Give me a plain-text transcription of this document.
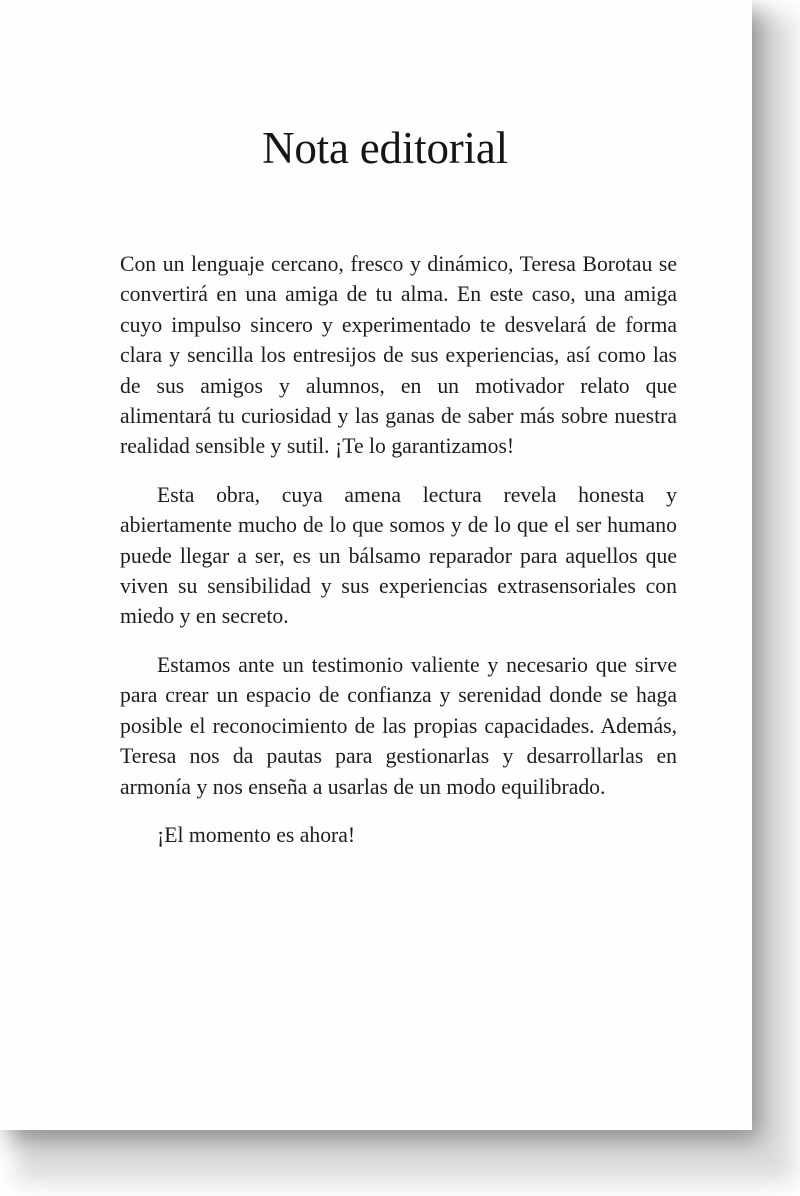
Nota editorial

Con un lenguaje cercano, fresco y dinámico, Teresa Borotau se convertirá en una amiga de tu alma. En este caso, una amiga cuyo impulso sincero y experimentado te desvelará de forma clara y sencilla los entresijos de sus experiencias, así como las de sus amigos y alumnos, en un motivador relato que alimentará tu curiosidad y las ganas de saber más sobre nuestra realidad sensible y sutil. ¡Te lo garantizamos!

Esta obra, cuya amena lectura revela honesta y abiertamente mucho de lo que somos y de lo que el ser humano puede llegar a ser, es un bálsamo reparador para aquellos que viven su sensibilidad y sus experiencias extrasensoriales con miedo y en secreto.

Estamos ante un testimonio valiente y necesario que sirve para crear un espacio de confianza y serenidad donde se haga posible el reconocimiento de las propias capacidades. Además, Teresa nos da pautas para gestionarlas y desarrollarlas en armonía y nos enseña a usarlas de un modo equilibrado.

¡El momento es ahora!
